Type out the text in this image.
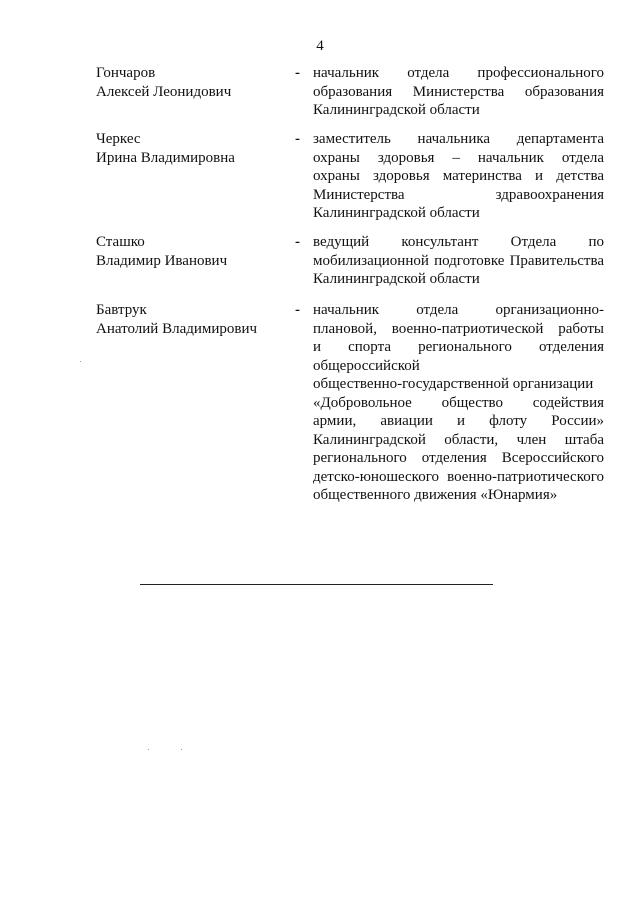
4
Гончаров
Алексей Леонидович
- начальник отдела профессионального
образования Министерства образования
Калининградской области
Черкес
Ирина Владимировна
- заместитель начальника департамента
охраны здоровья – начальник отдела
охраны здоровья материнства и детства
Министерства здравоохранения
Калининградской области
Сташко
Владимир Иванович
- ведущий консультант Отдела по
мобилизационной подготовке Правительства
Калининградской области
Бавтрук
Анатолий Владимирович
- начальник отдела организационно-
плановой, военно-патриотической работы
и спорта регионального отделения
общероссийской
общественно-государственной организации
«Добровольное общество содействия
армии, авиации и флоту России»
Калининградской области, член штаба
регионального отделения Всероссийского
детско-юношеского военно-патриотического
общественного движения «Юнармия»
